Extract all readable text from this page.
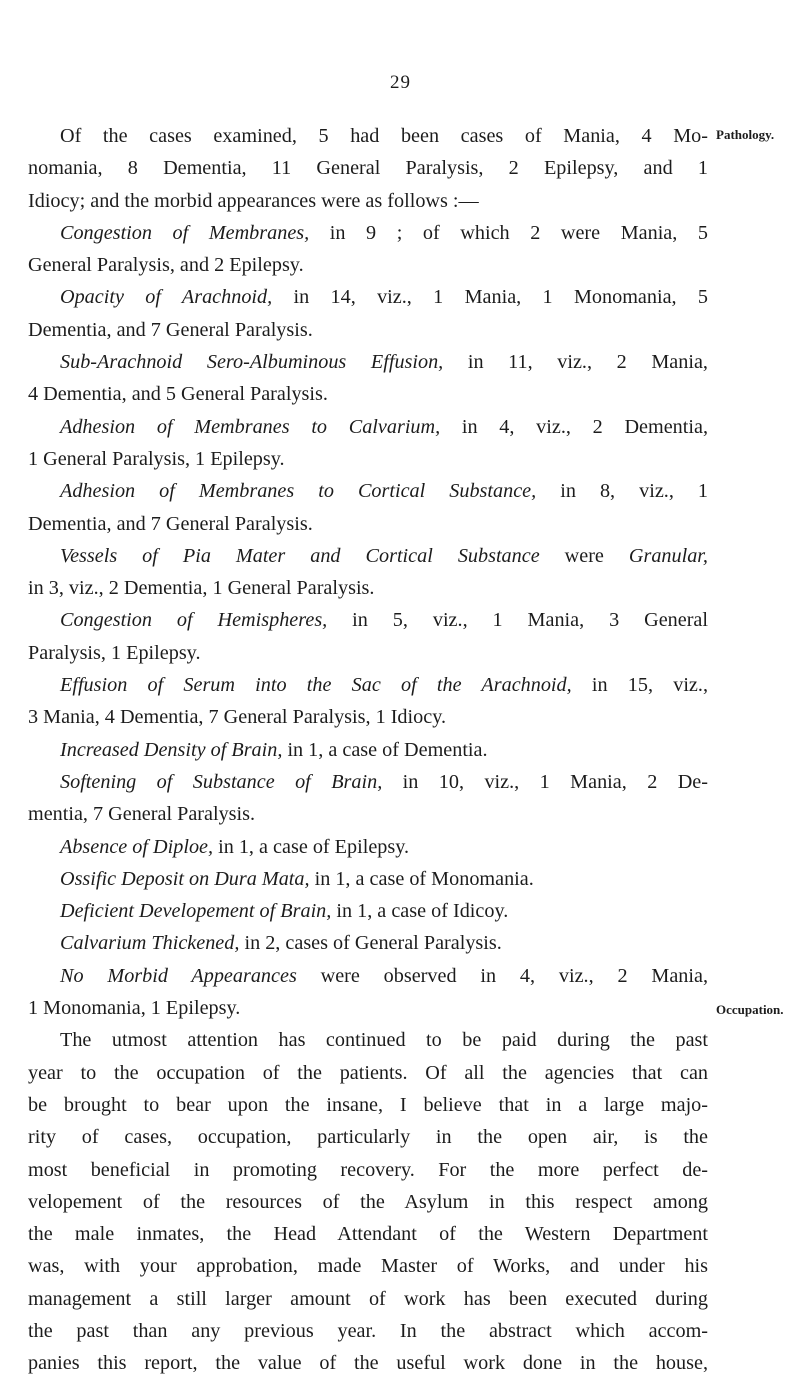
29
Pathology.
Occupation.
Of the cases examined, 5 had been cases of Mania, 4 Mo-
nomania, 8 Dementia, 11 General Paralysis, 2 Epilepsy, and 1
Idiocy; and the morbid appearances were as follows :—
Congestion of Membranes, in 9 ; of which 2 were Mania, 5
General Paralysis, and 2 Epilepsy.
Opacity of Arachnoid, in 14, viz., 1 Mania, 1 Monomania, 5
Dementia, and 7 General Paralysis.
Sub-Arachnoid Sero-Albuminous Effusion, in 11, viz., 2 Mania,
4 Dementia, and 5 General Paralysis.
Adhesion of Membranes to Calvarium, in 4, viz., 2 Dementia,
1 General Paralysis, 1 Epilepsy.
Adhesion of Membranes to Cortical Substance, in 8, viz., 1
Dementia, and 7 General Paralysis.
Vessels of Pia Mater and Cortical Substance were Granular,
in 3, viz., 2 Dementia, 1 General Paralysis.
Congestion of Hemispheres, in 5, viz., 1 Mania, 3 General
Paralysis, 1 Epilepsy.
Effusion of Serum into the Sac of the Arachnoid, in 15, viz.,
3 Mania, 4 Dementia, 7 General Paralysis, 1 Idiocy.
Increased Density of Brain, in 1, a case of Dementia.
Softening of Substance of Brain, in 10, viz., 1 Mania, 2 De-
mentia, 7 General Paralysis.
Absence of Diploe, in 1, a case of Epilepsy.
Ossific Deposit on Dura Mata, in 1, a case of Monomania.
Deficient Developement of Brain, in 1, a case of Idicoy.
Calvarium Thickened, in 2, cases of General Paralysis.
No Morbid Appearances were observed in 4, viz., 2 Mania,
1 Monomania, 1 Epilepsy.
The utmost attention has continued to be paid during the past
year to the occupation of the patients. Of all the agencies that can
be brought to bear upon the insane, I believe that in a large majo-
rity of cases, occupation, particularly in the open air, is the
most beneficial in promoting recovery. For the more perfect de-
velopement of the resources of the Asylum in this respect among
the male inmates, the Head Attendant of the Western Department
was, with your approbation, made Master of Works, and under his
management a still larger amount of work has been executed during
the past than any previous year. In the abstract which accom-
panies this report, the value of the useful work done in the house,
